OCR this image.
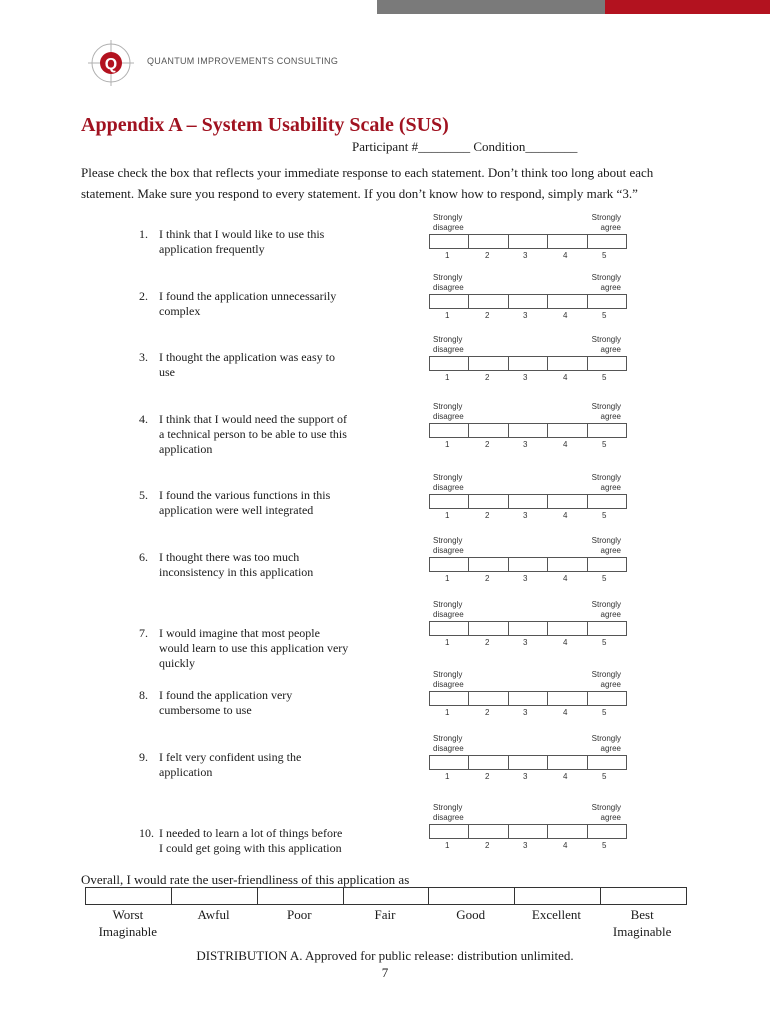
Q	QUANTUM IMPROVEMENTS CONSULTING
Appendix A – System Usability Scale (SUS)
Participant #________ Condition________
Please check the box that reflects your immediate response to each statement. Don’t think too long about each statement. Make sure you respond to every statement. If you don’t know how to respond, simply mark “3.”
1. I think that I would like to use this application frequently
Strongly
disagree
Strongly
agree
1	2	3	4	5
2. I found the application unnecessarily complex
Strongly
disagree
Strongly
agree
1	2	3	4	5
3. I thought the application was easy to use
Strongly
disagree
Strongly
agree
1	2	3	4	5
4. I think that I would need the support of a technical person to be able to use this application
Strongly
disagree
Strongly
agree
1	2	3	4	5
5. I found the various functions in this application were well integrated
Strongly
disagree
Strongly
agree
1	2	3	4	5
6. I thought there was too much inconsistency in this application
Strongly
disagree
Strongly
agree
1	2	3	4	5
7. I would imagine that most people would learn to use this application very quickly
Strongly
disagree
Strongly
agree
1	2	3	4	5
8. I found the application very cumbersome to use
Strongly
disagree
Strongly
agree
1	2	3	4	5
9. I felt very confident using the application
Strongly
disagree
Strongly
agree
1	2	3	4	5
10. I needed to learn a lot of things before I could get going with this application
Strongly
disagree
Strongly
agree
1	2	3	4	5
Overall, I would rate the user-friendliness of this application as
Worst
Imaginable
Awful	Poor	Fair	Good	Excellent	Best
Imaginable
DISTRIBUTION A. Approved for public release: distribution unlimited.
7
